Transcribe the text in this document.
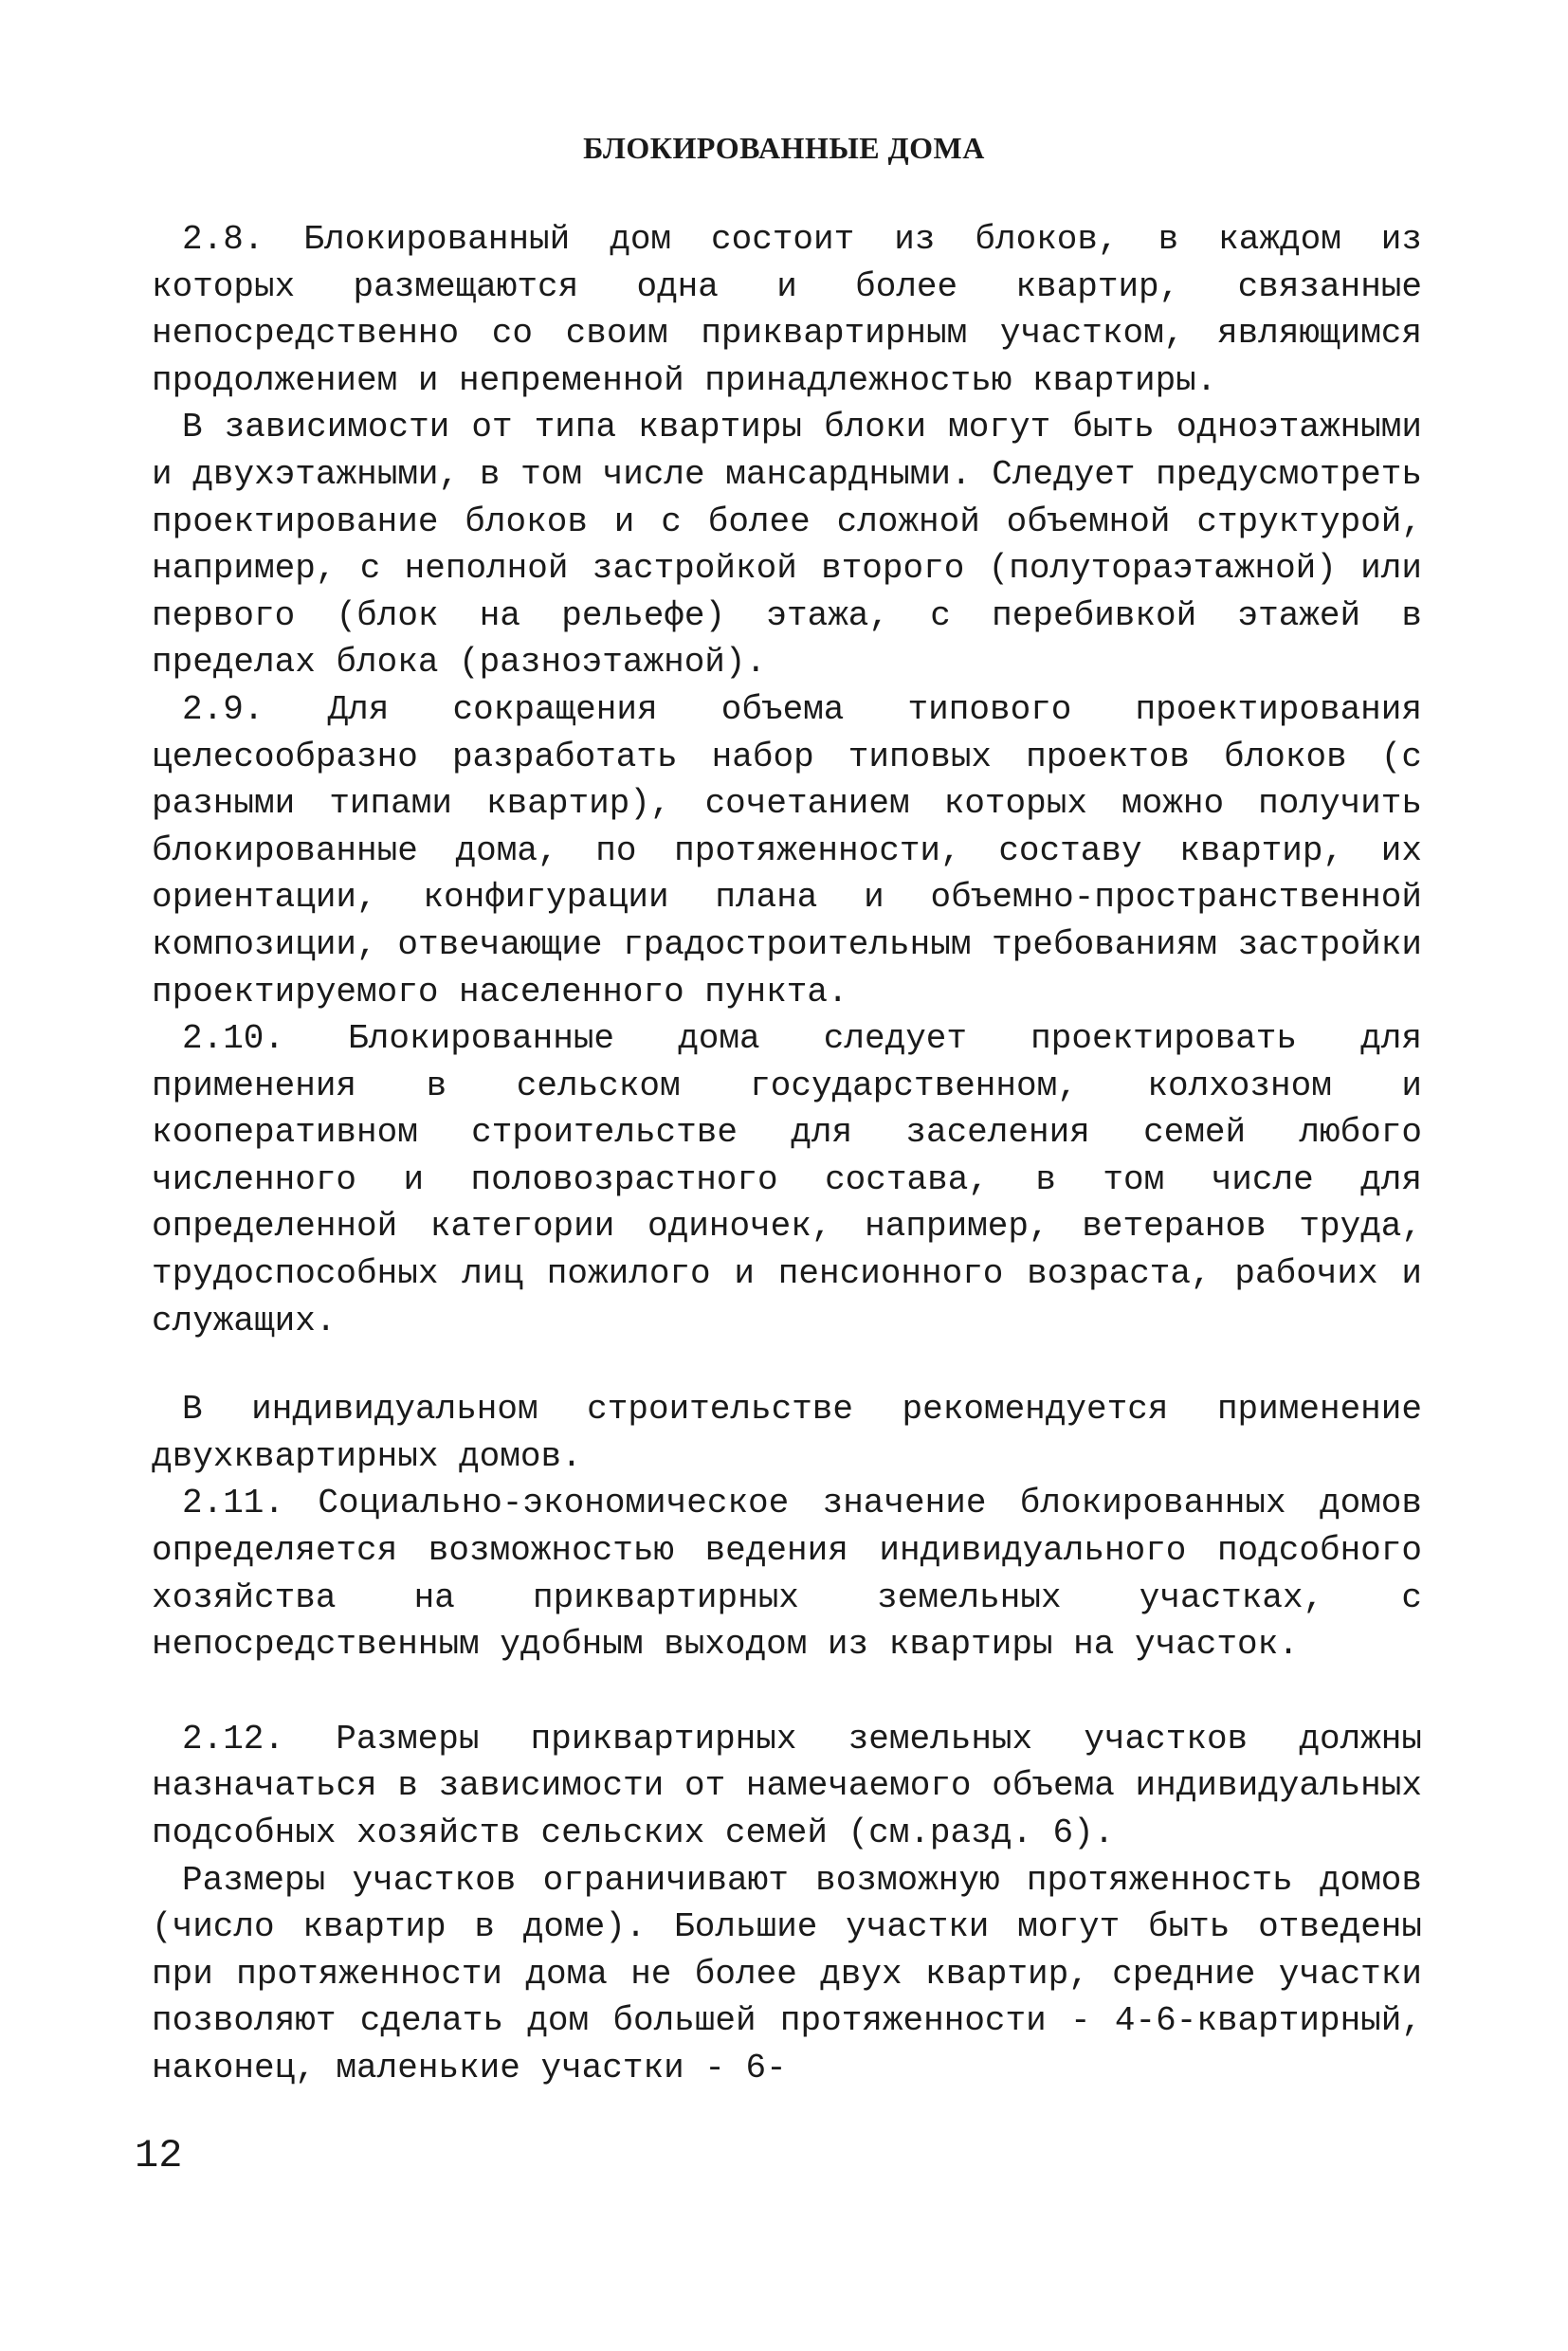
БЛОКИРОВАННЫЕ ДОМА

2.8. Блокированный дом состоит из блоков, в каждом из которых размещаются одна и более квартир, связанные непосредственно со своим приквартирным участком, являющимся продолжением и непременной принадлежностью квартиры.

В зависимости от типа квартиры блоки могут быть одноэтажными и двухэтажными, в том числе мансардными. Следует предусмотреть проектирование блоков и с более сложной объемной структурой, например, с неполной застройкой второго (полутораэтажной) или первого (блок на рельефе) этажа, с перебивкой этажей в пределах блока (разноэтажной).

2.9. Для сокращения объема типового проектирования целесообразно разработать набор типовых проектов блоков (с разными типами квартир), сочетанием которых можно получить блокированные дома, по протяженности, составу квартир, их ориентации, конфигурации плана и объемно-пространственной композиции, отвечающие градостроительным требованиям застройки проектируемого населенного пункта.

2.10. Блокированные дома следует проектировать для применения в сельском государственном, колхозном и кооперативном строительстве для заселения семей любого численного и половозрастного состава, в том числе для определенной категории одиночек, например, ветеранов труда, трудоспособных лиц пожилого и пенсионного возраста, рабочих и служащих.

В индивидуальном строительстве рекомендуется применение двухквартирных домов.

2.11. Социально-экономическое значение блокированных домов определяется возможностью ведения индивидуального подсобного хозяйства на приквартирных земельных участках, с непосредственным удобным выходом из квартиры на участок.

2.12. Размеры приквартирных земельных участков должны назначаться в зависимости от намечаемого объема индивидуальных подсобных хозяйств сельских семей (см.разд. 6).

Размеры участков ограничивают возможную протяженность домов (число квартир в доме). Большие участки могут быть отведены при протяженности дома не более двух квартир, средние участки позволяют сделать дом большей протяженности - 4-6-квартирный, наконец, маленькие участки - 6-

12
